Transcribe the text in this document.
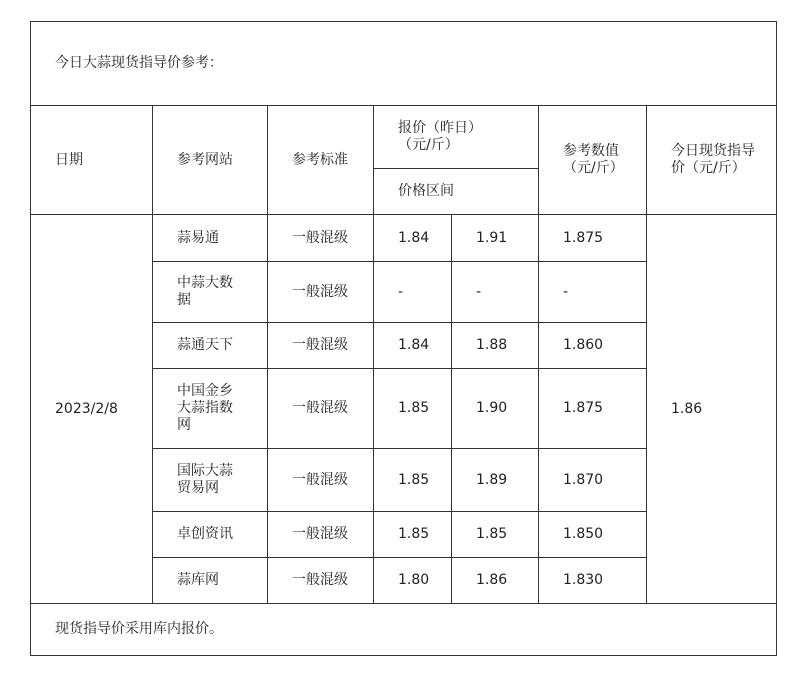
今日大蒜现货指导价参考：						
日期	参考网站	参考标准	报价（昨日）（元/斤）		参考数值（元/斤）	今日现货指导价（元/斤）
			价格区间			
2023/2/8	蒜易通	一般混级	1.84	1.91	1.875	1.86
	中蒜大数据	一般混级	-	-	-	
	蒜通天下	一般混级	1.84	1.88	1.860	
	中国金乡大蒜指数网	一般混级	1.85	1.90	1.875	
	国际大蒜贸易网	一般混级	1.85	1.89	1.870	
	卓创资讯	一般混级	1.85	1.85	1.850	
	蒜库网	一般混级	1.80	1.86	1.830	
现货指导价采用库内报价。						
